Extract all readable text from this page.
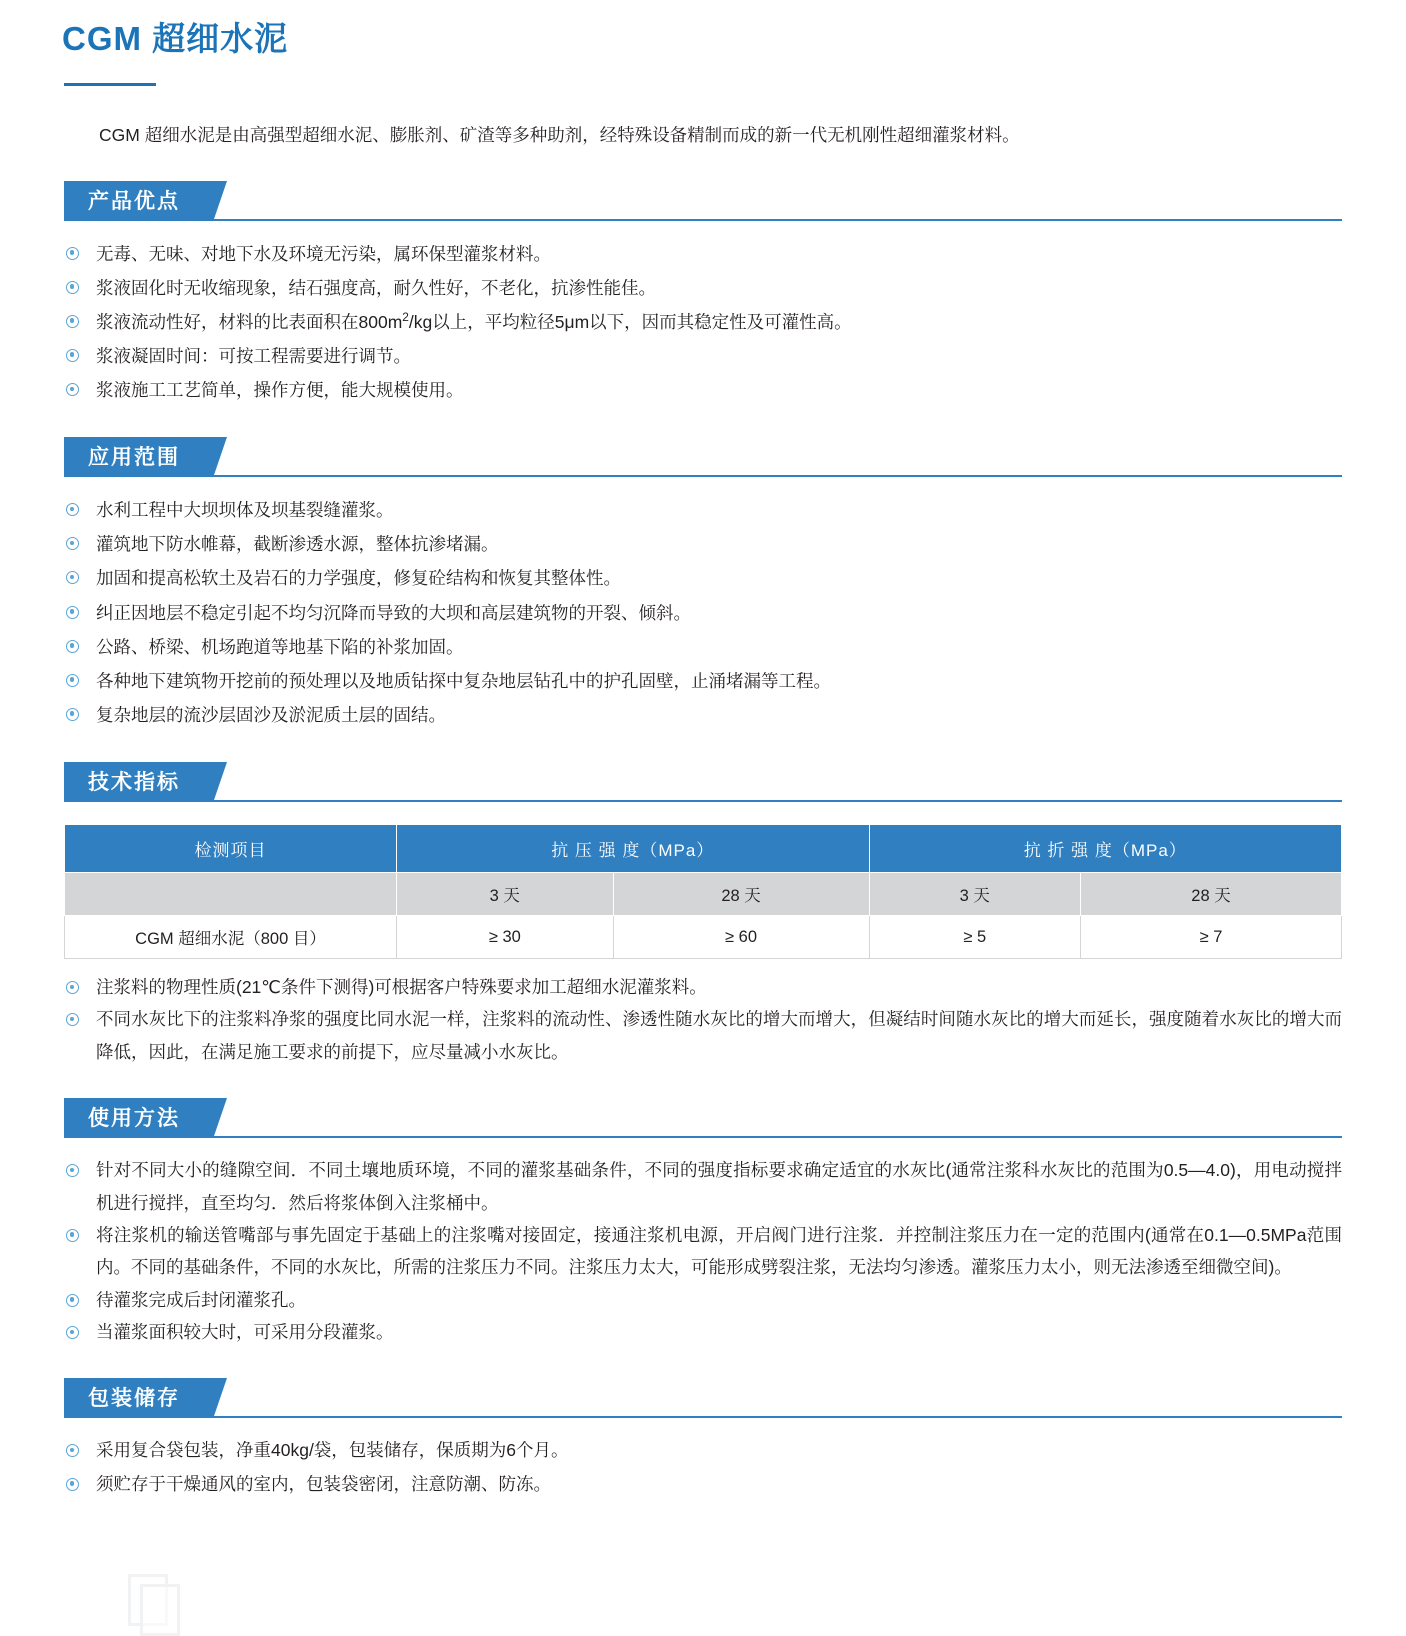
CGM 超细水泥

CGM 超细水泥是由高强型超细水泥、膨胀剂、矿渣等多种助剂，经特殊设备精制而成的新一代无机刚性超细灌浆材料。

产品优点
无毒、无味、对地下水及环境无污染，属环保型灌浆材料。
浆液固化时无收缩现象，结石强度高，耐久性好，不老化，抗渗性能佳。
浆液流动性好，材料的比表面积在$800m^2/kg$以上，平均粒径5μm以下，因而其稳定性及可灌性高。
浆液凝固时间：可按工程需要进行调节。
浆液施工工艺简单，操作方便，能大规模使用。
应用范围
水利工程中大坝坝体及坝基裂缝灌浆。
灌筑地下防水帷幕，截断渗透水源，整体抗渗堵漏。
加固和提高松软土及岩石的力学强度，修复砼结构和恢复其整体性。
纠正因地层不稳定引起不均匀沉降而导致的大坝和高层建筑物的开裂、倾斜。
公路、桥梁、机场跑道等地基下陷的补浆加固。
各种地下建筑物开挖前的预处理以及地质钻探中复杂地层钻孔中的护孔固壁，止涌堵漏等工程。
复杂地层的流沙层固沙及淤泥质土层的固结。
技术指标
检测项目	抗 压 强 度（MPa）		抗 折 强 度（MPa）	
	3 天	28 天	3 天	28 天
CGM 超细水泥（800 目）	≥ 30	≥ 60	≥ 5	≥ 7
注浆料的物理性质(21℃条件下测得)可根据客户特殊要求加工超细水泥灌浆料。
不同水灰比下的注浆料净浆的强度比同水泥一样，注浆料的流动性、渗透性随水灰比的增大而增大，但凝结时间随水灰比的增大而延长，强度随着水灰比的增大而降低，因此，在满足施工要求的前提下，应尽量减小水灰比。
使用方法
针对不同大小的缝隙空间．不同土壤地质环境，不同的灌浆基础条件，不同的强度指标要求确定适宜的水灰比(通常注浆科水灰比的范围为0.5—4.0)，用电动搅拌机进行搅拌，直至均匀．然后将浆体倒入注浆桶中。
将注浆机的输送管嘴部与事先固定于基础上的注浆嘴对接固定，接通注浆机电源，开启阀门进行注浆．并控制注浆压力在一定的范围内(通常在0.1—0.5MPa范围内。不同的基础条件，不同的水灰比，所需的注浆压力不同。注浆压力太大，可能形成劈裂注浆，无法均匀渗透。灌浆压力太小，则无法渗透至细微空间)。
待灌浆完成后封闭灌浆孔。
当灌浆面积较大时，可采用分段灌浆。
包装储存
采用复合袋包装，净重40kg/袋，包装储存，保质期为6个月。
须贮存于干燥通风的室内，包装袋密闭，注意防潮、防冻。
